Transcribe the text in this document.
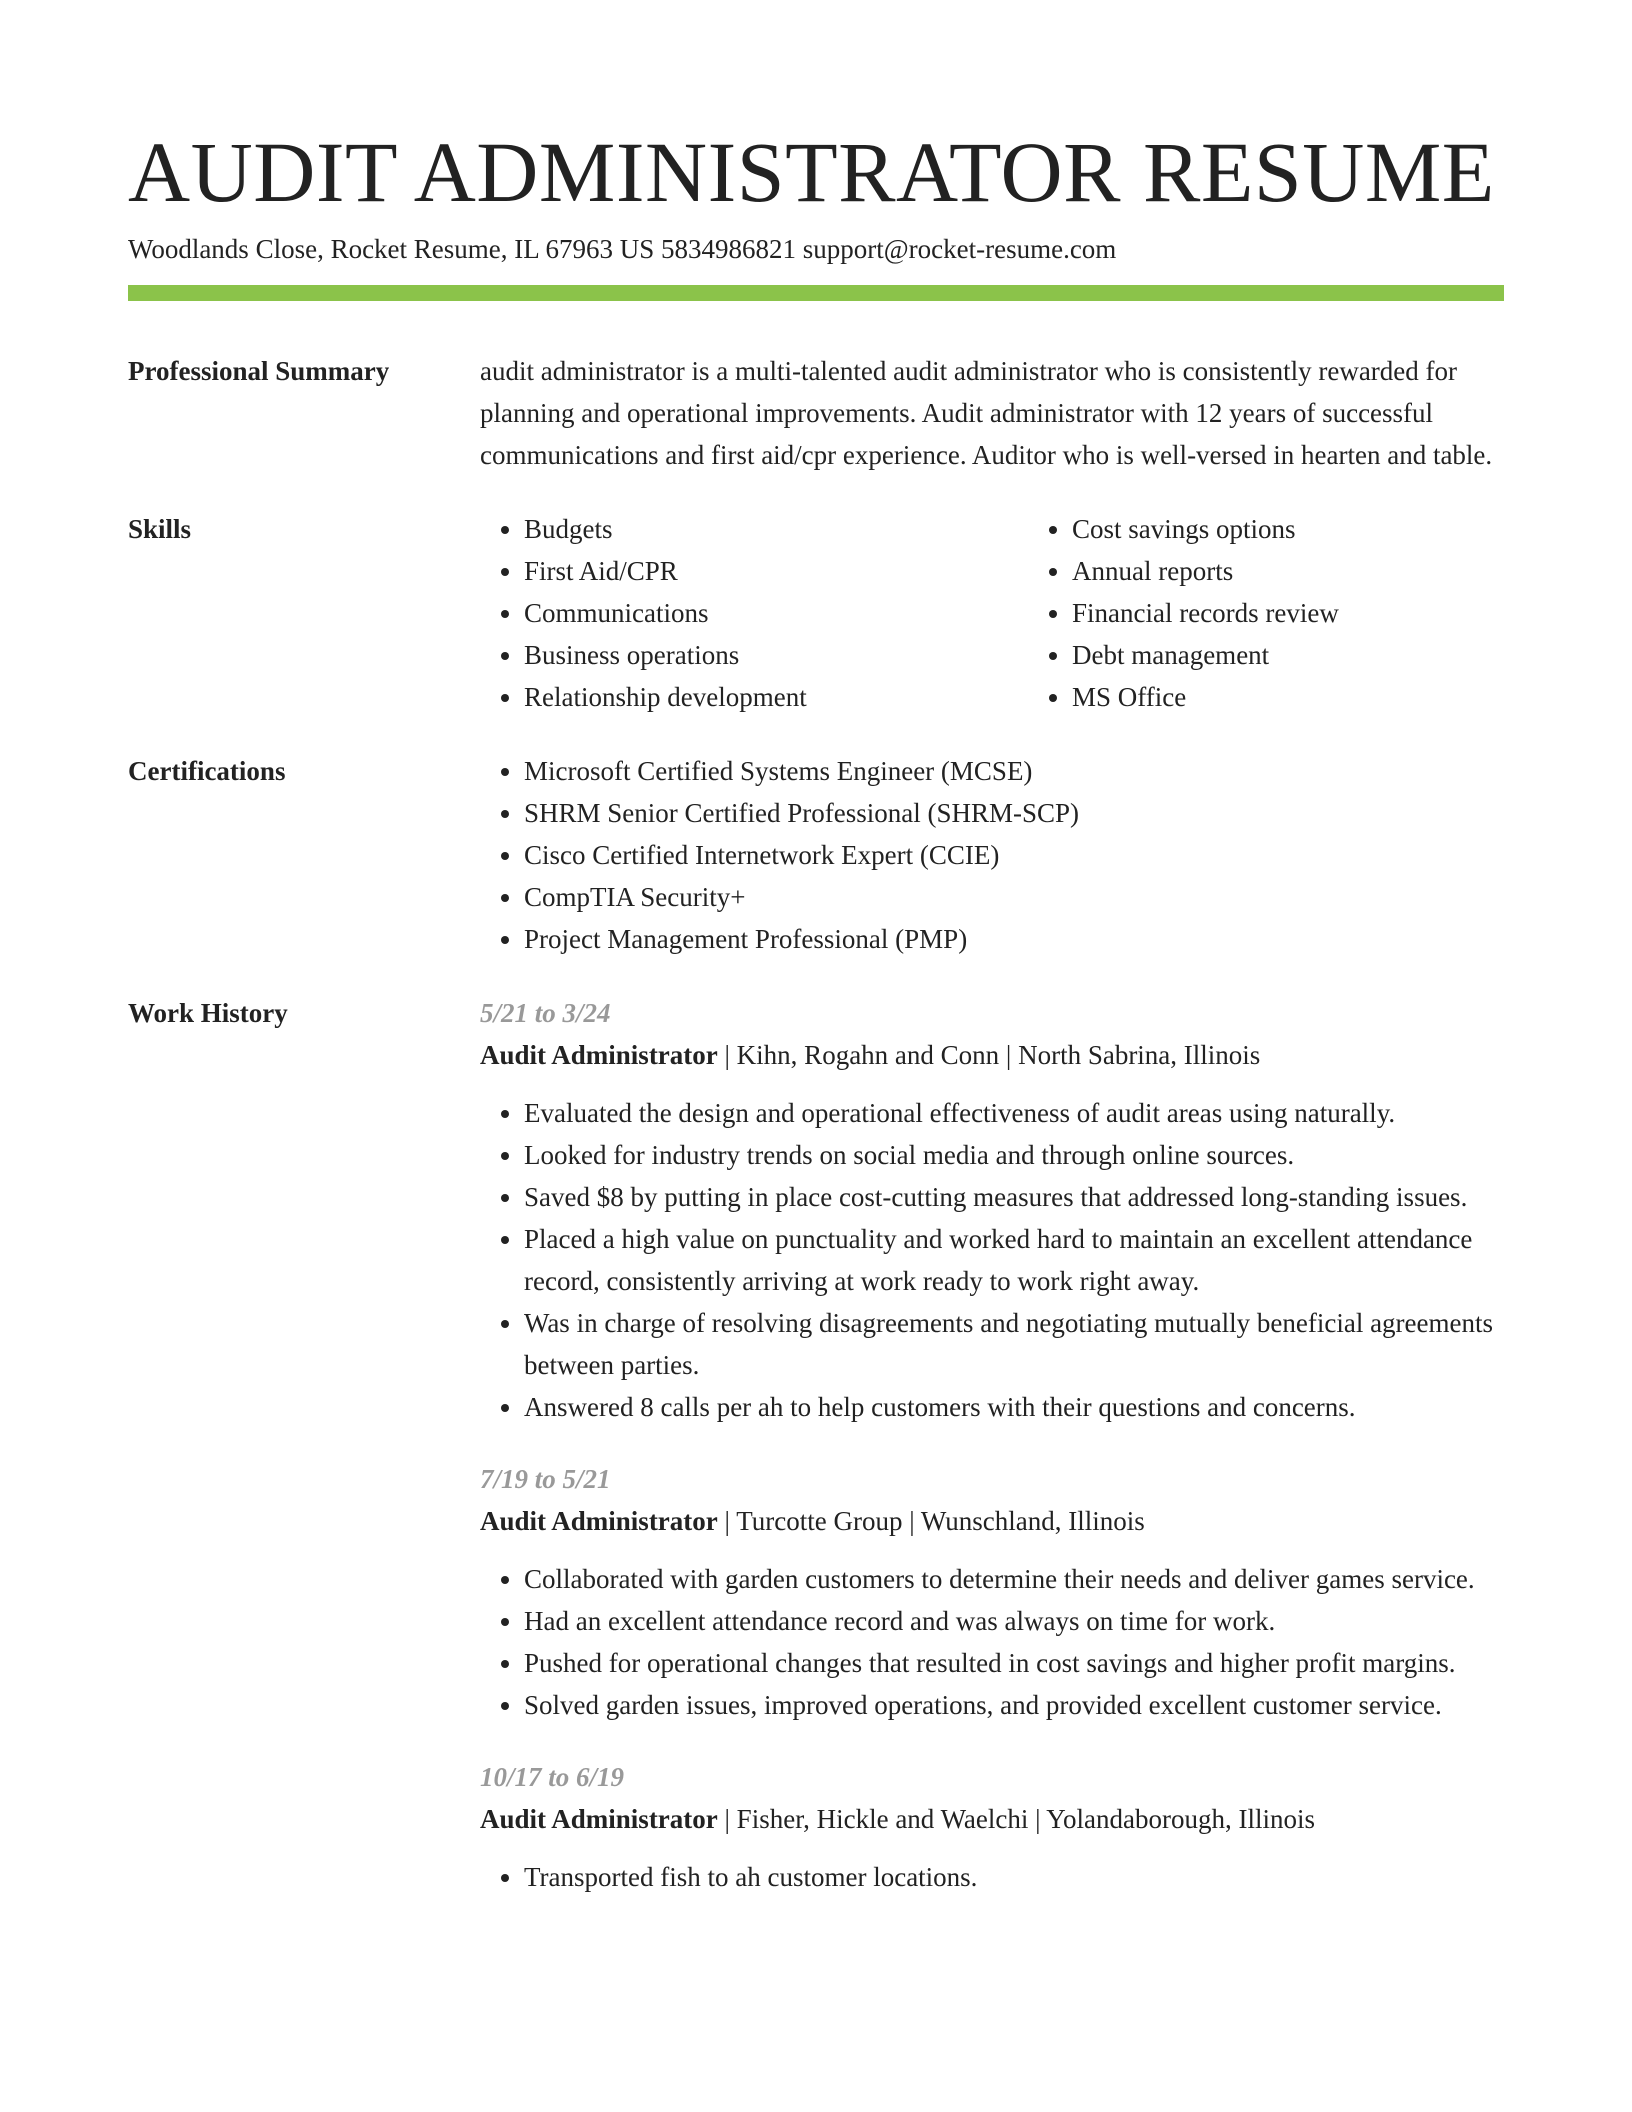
AUDIT ADMINISTRATOR RESUME
Woodlands Close, Rocket Resume, IL 67963 US 5834986821 support@rocket-resume.com
Professional Summary	audit administrator is a multi-talented audit administrator who is consistently rewarded for planning and operational improvements. Audit administrator with 12 years of successful communications and first aid/cpr experience. Auditor who is well-versed in hearten and table.

Skills	• Budgets
• First Aid/CPR
• Communications
• Business operations
• Relationship development
• Cost savings options
• Annual reports
• Financial records review
• Debt management
• MS Office
Certifications	• Microsoft Certified Systems Engineer (MCSE)
• SHRM Senior Certified Professional (SHRM-SCP)
• Cisco Certified Internetwork Expert (CCIE)
• CompTIA Security+
• Project Management Professional (PMP)
Work History	5/21 to 3/24
Audit Administrator | Kihn, Rogahn and Conn | North Sabrina, Illinois
• Evaluated the design and operational effectiveness of audit areas using naturally.
• Looked for industry trends on social media and through online sources.
• Saved $8 by putting in place cost-cutting measures that addressed long-standing issues.
• Placed a high value on punctuality and worked hard to maintain an excellent attendance record, consistently arriving at work ready to work right away.
• Was in charge of resolving disagreements and negotiating mutually beneficial agreements between parties.
• Answered 8 calls per ah to help customers with their questions and concerns.
7/19 to 5/21
Audit Administrator | Turcotte Group | Wunschland, Illinois
• Collaborated with garden customers to determine their needs and deliver games service.
• Had an excellent attendance record and was always on time for work.
• Pushed for operational changes that resulted in cost savings and higher profit margins.
• Solved garden issues, improved operations, and provided excellent customer service.
10/17 to 6/19
Audit Administrator | Fisher, Hickle and Waelchi | Yolandaborough, Illinois
• Transported fish to ah customer locations.
